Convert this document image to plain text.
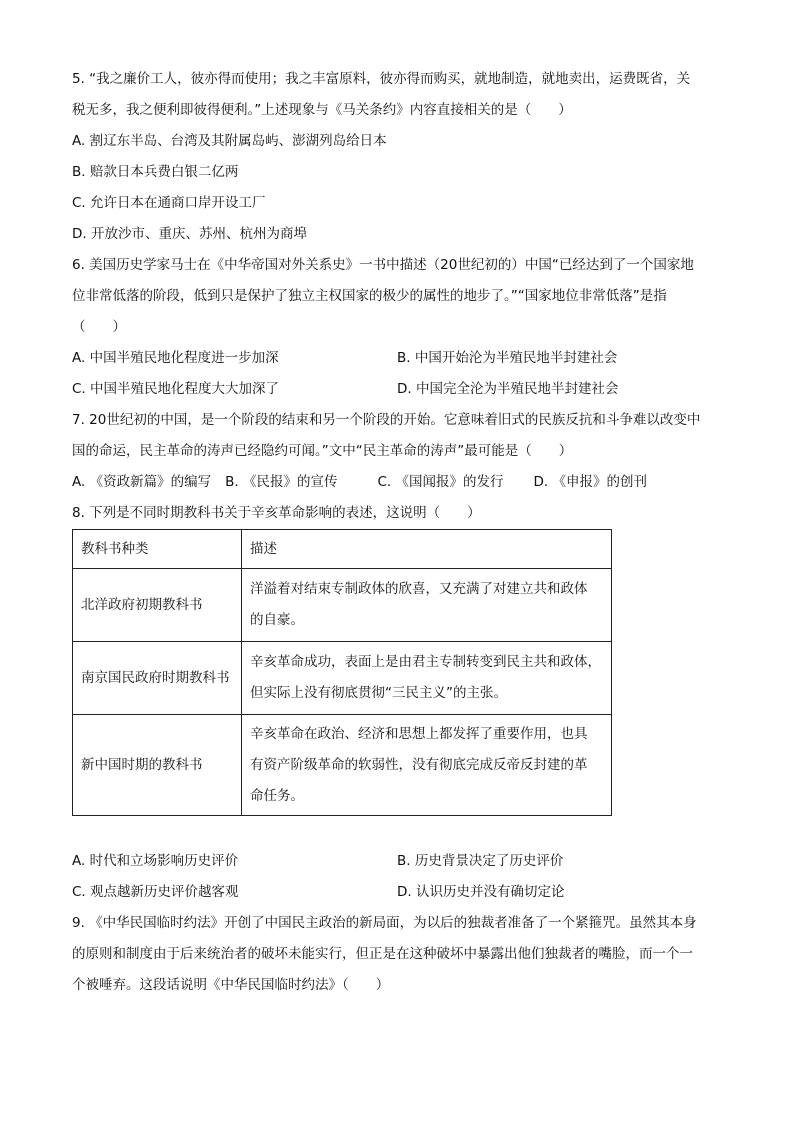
5. “我之廉价工人，彼亦得而使用；我之丰富原料，彼亦得而购买，就地制造，就地卖出，运费既省，关
税无多，我之便利即彼得便利。”上述现象与《马关条约》内容直接相关的是（　　）
A. 割辽东半岛、台湾及其附属岛屿、澎湖列岛给日本
B. 赔款日本兵费白银二亿两
C. 允许日本在通商口岸开设工厂
D. 开放沙市、重庆、苏州、杭州为商埠
6. 美国历史学家马士在《中华帝国对外关系史》一书中描述（20世纪初的）中国“已经达到了一个国家地
位非常低落的阶段，低到只是保护了独立主权国家的极少的属性的地步了。”“国家地位非常低落”是指
（　　）
A. 中国半殖民地化程度进一步加深	B. 中国开始沦为半殖民地半封建社会
C. 中国半殖民地化程度大大加深了	D. 中国完全沦为半殖民地半封建社会
7. 20世纪初的中国，是一个阶段的结束和另一个阶段的开始。它意味着旧式的民族反抗和斗争难以改变中
国的命运，民主革命的涛声已经隐约可闻。”文中“民主革命的涛声”最可能是（　　）
A. 《资政新篇》的编写 B. 《民报》的宣传	C. 《国闻报》的发行 D. 《申报》的创刊
8. 下列是不同时期教科书关于辛亥革命影响的表述，这说明（　　）
教科书种类	描述
北洋政府初期教科书	洋溢着对结束专制政体的欣喜，又充满了对建立共和政体
的自豪。

南京国民政府时期教科书	辛亥革命成功，表面上是由君主专制转变到民主共和政体，
但实际上没有彻底贯彻“三民主义”的主张。

新中国时期的教科书	辛亥革命在政治、经济和思想上都发挥了重要作用，也具
有资产阶级革命的软弱性，没有彻底完成反帝反封建的革
命任务。
A. 时代和立场影响历史评价	B. 历史背景决定了历史评价
C. 观点越新历史评价越客观	D. 认识历史并没有确切定论
9. 《中华民国临时约法》开创了中国民主政治的新局面，为以后的独裁者准备了一个紧箍咒。虽然其本身
的原则和制度由于后来统治者的破坏未能实行，但正是在这种破坏中暴露出他们独裁者的嘴脸，而一个一
个被唾弃。这段话说明《中华民国临时约法》（　　）
